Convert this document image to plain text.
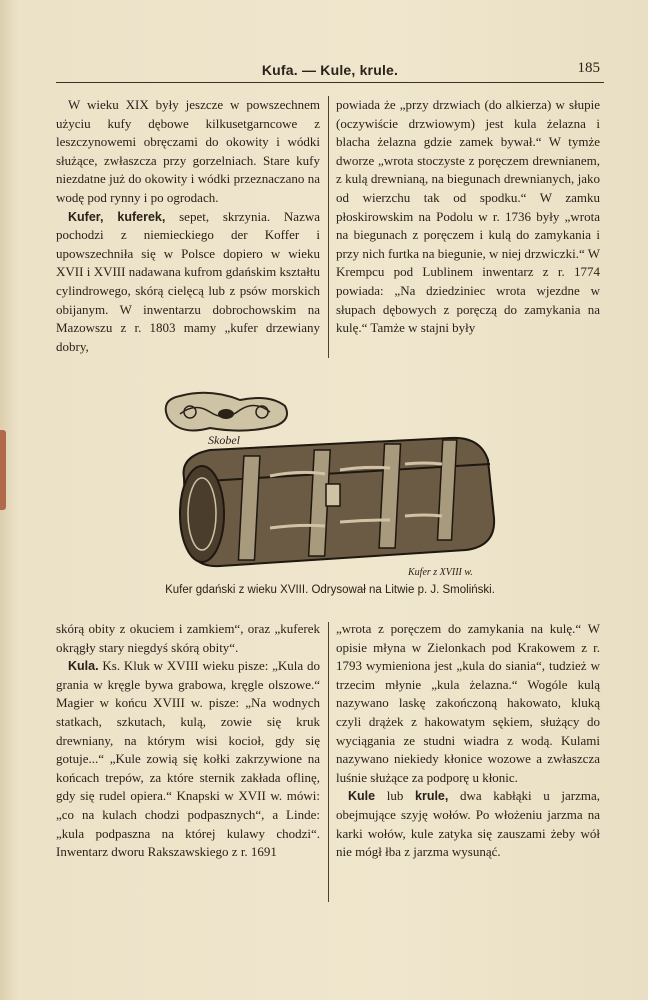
Kufa. — Kule, krule.	185

W wieku XIX były jeszcze w powszechnem użyciu kufy dębowe kilkusetgarncowe z leszczynowemi obręczami do okowity i wódki służące, zwłaszcza przy gorzelniach. Stare kufy niezdatne już do okowity i wódki przeznaczano na wodę pod rynny i po ogrodach.

Kufer, kuferek, sepet, skrzynia. Nazwa pochodzi z niemieckiego der Koffer i upowszechniła się w Polsce dopiero w wieku XVII i XVIII nadawana kufrom gdańskim kształtu cylindrowego, skórą cielęcą lub z psów morskich obijanym. W inwentarzu dobrochowskim na Mazowszu z r. 1803 mamy „kufer drzewiany dobry,

powiada że „przy drzwiach (do alkierza) w słupie (oczywiście drzwiowym) jest kula żelazna i blacha żelazna gdzie zamek bywał.“ W tymże dworze „wrota stoczyste z poręczem drewnianem, z kulą drewnianą, na biegunach drewnianych, jako od wierzchu tak od spodku.“ W zamku płoskirowskim na Podolu w r. 1736 były „wrota na biegunach z poręczem i kulą do zamykania i przy nich furtka na biegunie, w niej drzwiczki.“ W Krempcu pod Lublinem inwentarz z r. 1774 powiada: „Na dziedziniec wrota wjezdne w słupach dębowych z poręczą do zamykania na kulę.“ Tamże w stajni były

Skobel
Kufer z XVIII w.
Kufer gdański z wieku XVIII. Odrysował na Litwie p. J. Smoliński.

skórą obity z okuciem i zamkiem“, oraz „kuferek okrągły stary niegdyś skórą obity“.

Kula. Ks. Kluk w XVIII wieku pisze: „Kula do grania w kręgle bywa grabowa, kręgle olszowe.“ Magier w końcu XVIII w. pisze: „Na wodnych statkach, szkutach, kulą, zowie się kruk drewniany, na którym wisi kocioł, gdy się gotuje...“ „Kule zowią się kołki zakrzywione na końcach trepów, za które sternik zakłada oflinę, gdy się rudel opiera.“ Knapski w XVII w. mówi: „co na kulach chodzi podpasznych“, a Linde: „kula podpaszna na której kulawy chodzi“. Inwentarz dworu Rakszawskiego z r. 1691

„wrota z poręczem do zamykania na kulę.“ W opisie młyna w Zielonkach pod Krakowem z r. 1793 wymieniona jest „kula do siania“, tudzież w trzecim młynie „kula żelazna.“ Wogóle kulą nazywano laskę zakończoną hakowato, kluką czyli drążek z hakowatym sękiem, służący do wyciągania ze studni wiadra z wodą. Kulami nazywano niekiedy kłonice wozowe a zwłaszcza luśnie służące za podporę u kłonic.

Kule lub krule, dwa kabłąki u jarzma, obejmujące szyję wołów. Po włożeniu jarzma na karki wołów, kule zatyka się zauszami żeby wół nie mógł łba z jarzma wysunąć.
